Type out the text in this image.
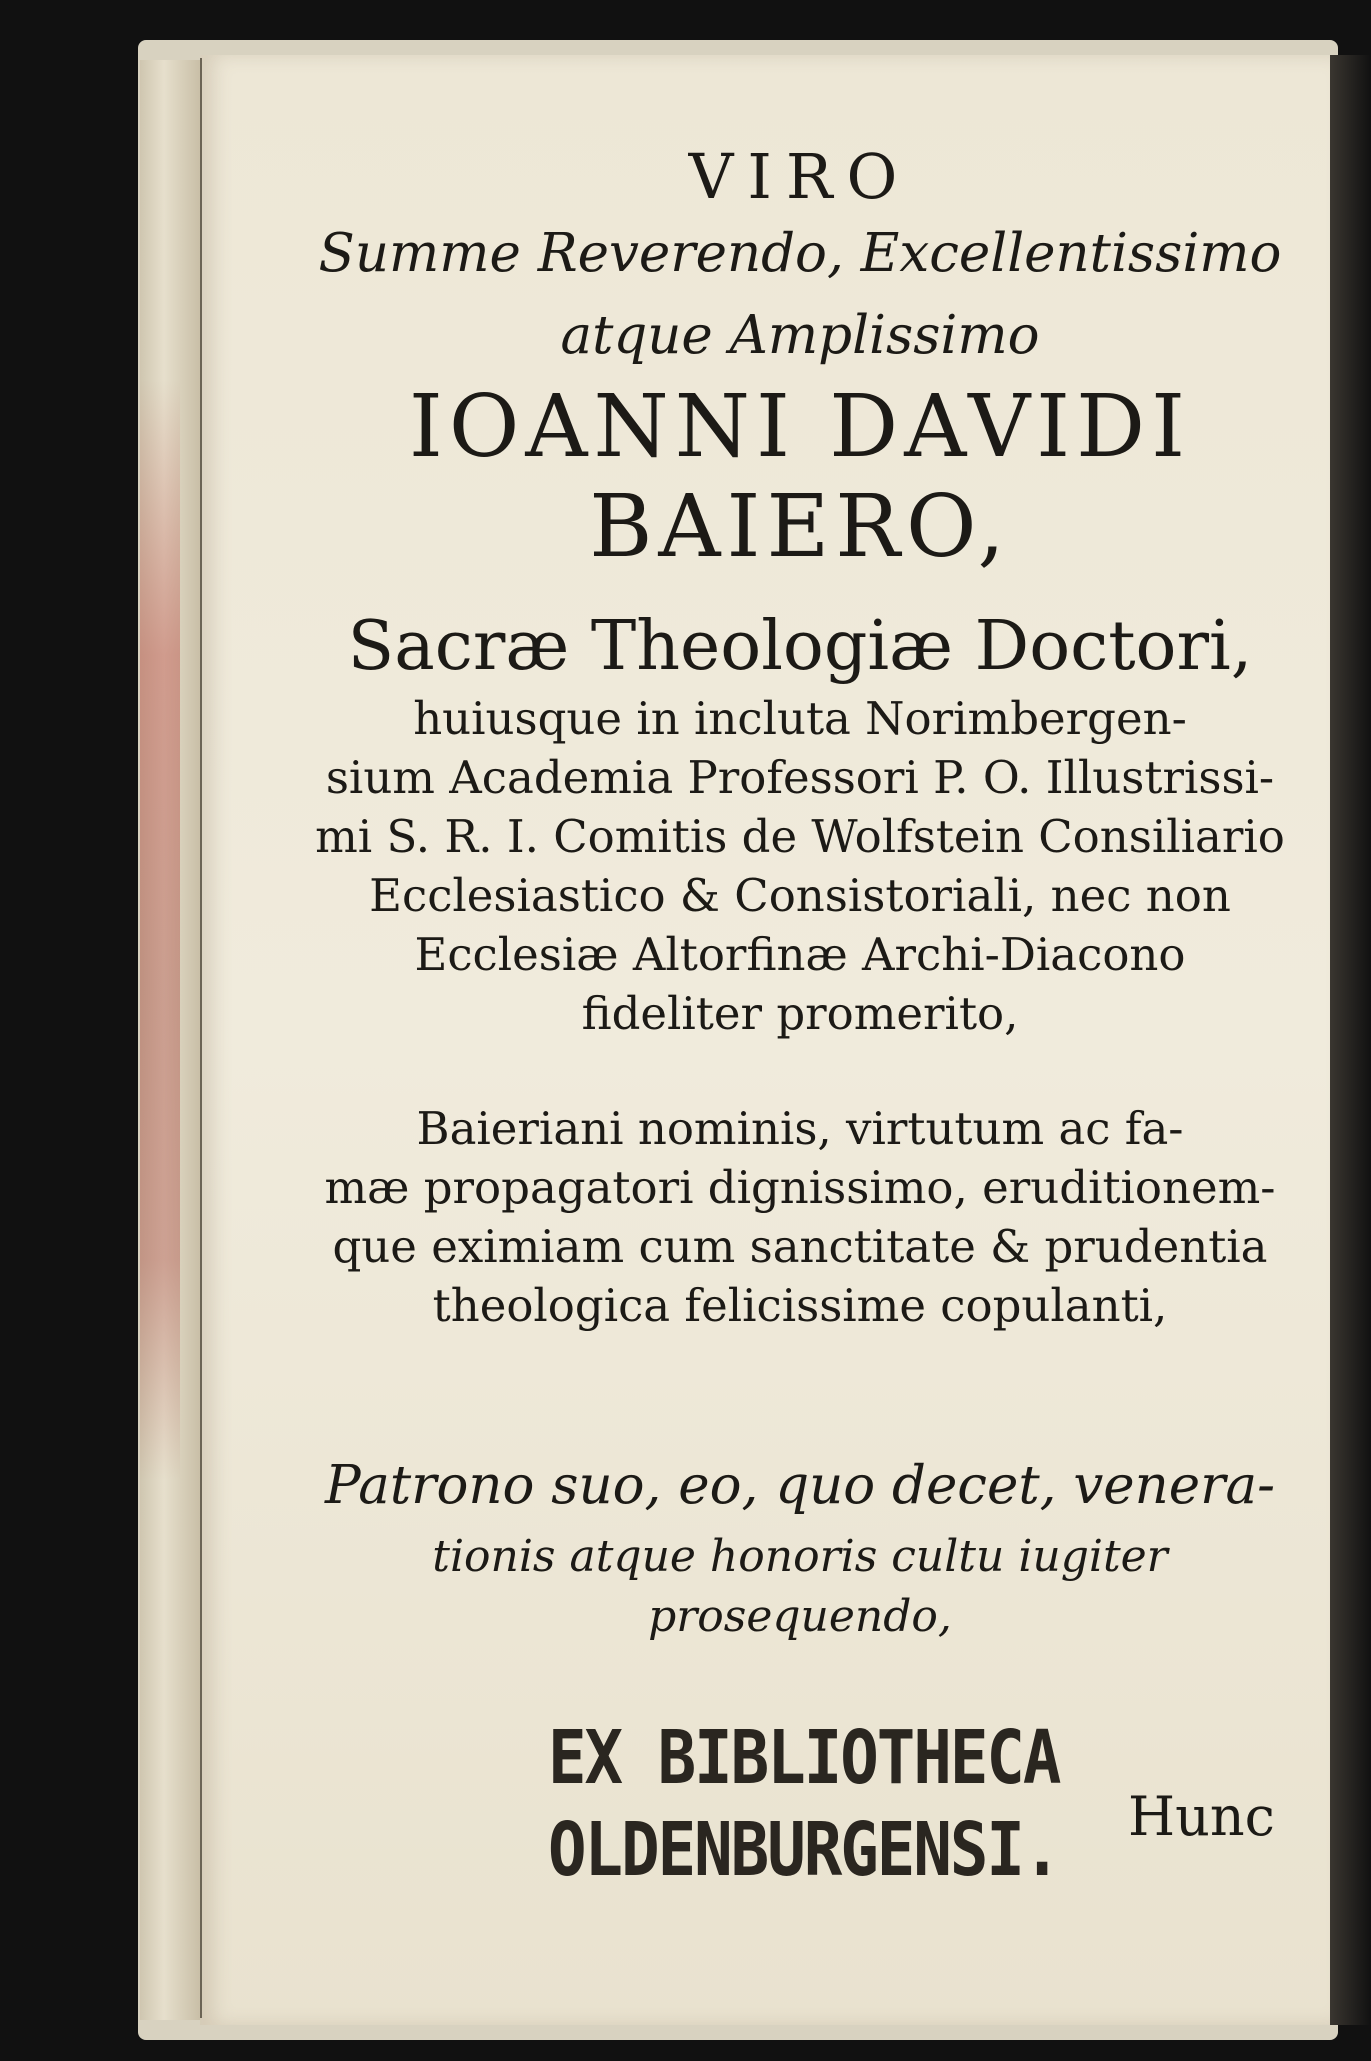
VIRO
Summe Reverendo, Excellentissimo
atque Amplissimo
IOANNI DAVIDI
BAIERO,
Sacræ Theologiæ Doctori,
huiusque in incluta Norimbergen-
sium Academia Professori P. O. Illustrissi-
mi S. R. I. Comitis de Wolfstein Consiliario
Ecclesiastico & Consistoriali, nec non
Ecclesiæ Altorfinæ Archi-Diacono
fideliter promerito,
Baieriani nominis, virtutum ac fa-
mæ propagatori dignissimo, eruditionem-
que eximiam cum sanctitate & prudentia
theologica felicissime copulanti,
Patrono suo, eo, quo decet, venera-
tionis atque honoris cultu iugiter
prosequendo,
EX BIBLIOTHECA
OLDENBURGENSI.	Hunc
